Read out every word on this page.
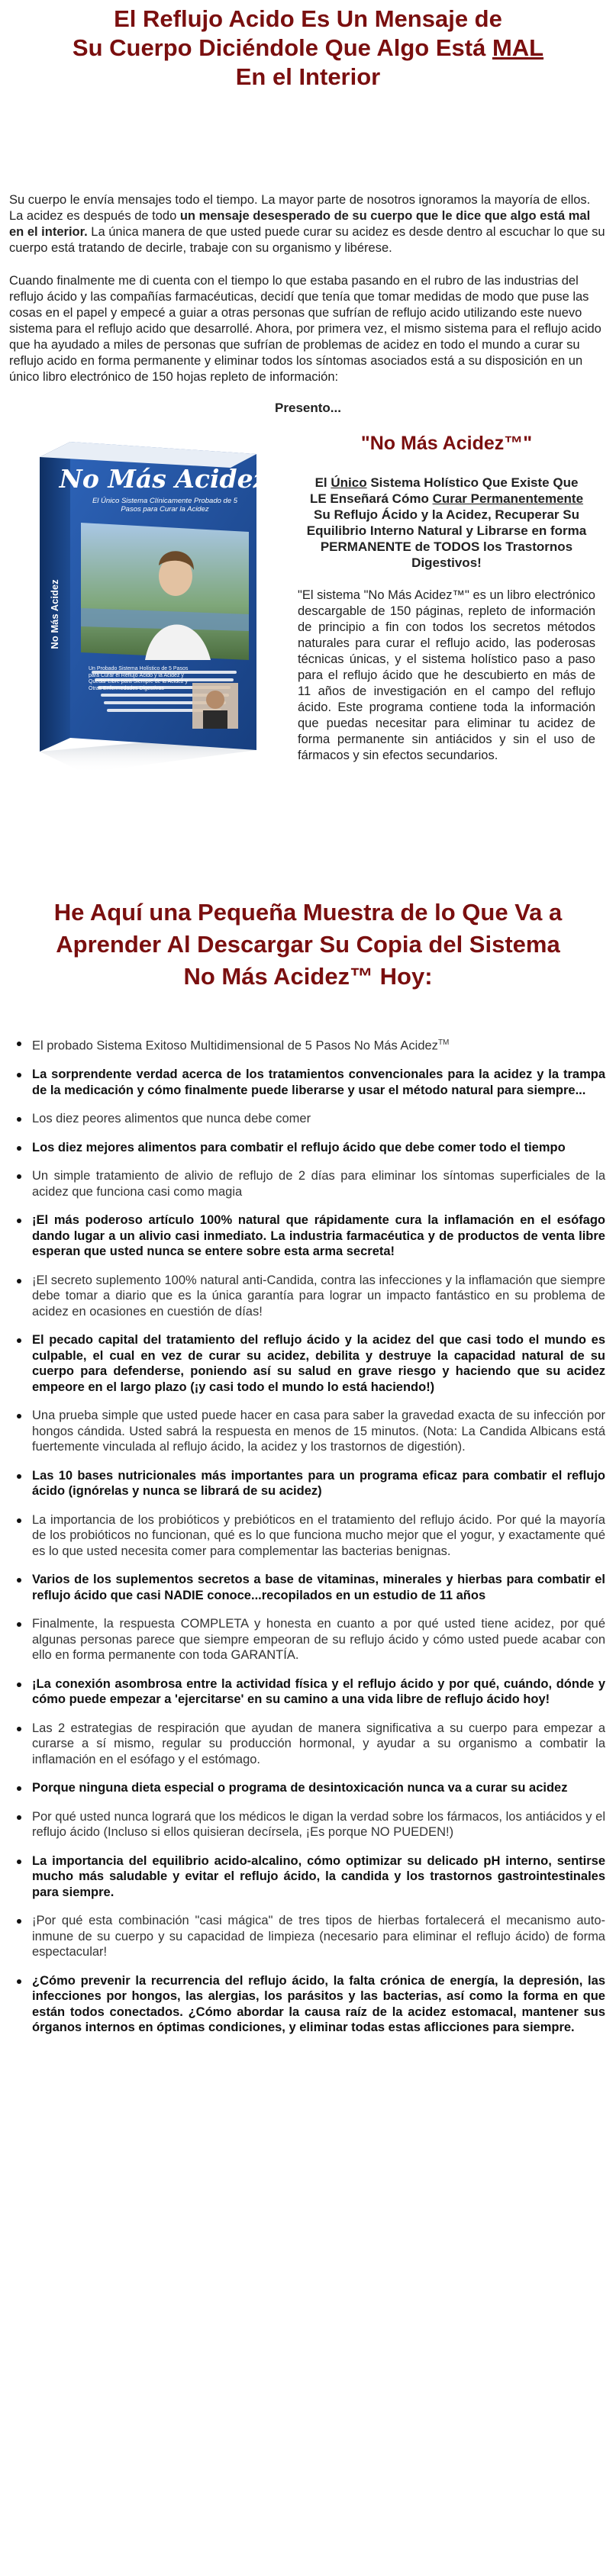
El Reflujo Acido Es Un Mensaje de
Su Cuerpo Diciéndole Que Algo Está MAL
En el Interior

Su cuerpo le envía mensajes todo el tiempo. La mayor parte de nosotros ignoramos la mayoría de ellos. La acidez es después de todo un mensaje desesperado de su cuerpo que le dice que algo está mal en el interior. La única manera de que usted puede curar su acidez es desde dentro al escuchar lo que su cuerpo está tratando de decirle, trabaje con su organismo y libérese.

Cuando finalmente me di cuenta con el tiempo lo que estaba pasando en el rubro de las industrias del reflujo ácido y las compañías farmacéuticas, decidí que tenía que tomar medidas de modo que puse las cosas en el papel y empecé a guiar a otras personas que sufrían de reflujo acido utilizando este nuevo sistema para el reflujo acido que desarrollé. Ahora, por primera vez, el mismo sistema para el reflujo acido que ha ayudado a miles de personas que sufrían de problemas de acidez en todo el mundo a curar su reflujo acido en forma permanente y eliminar todos los síntomas asociados está a su disposición en un único libro electrónico de 150 hojas repleto de información:

Presento...
No Más Acidez
No Más Acidez
El Único Sistema Clínicamente Probado de 5 Pasos para Curar la Acidez
Un Probado Sistema Holístico de 5 Pasos para Curar el Reflujo Ácido y la Acidez y Quedar Libre para Siempre de la Acidez y Otras Enfermedades Digestivas
"No Más Acidez™"
El Único Sistema Holístico Que Existe Que LE Enseñará Cómo Curar Permanentemente Su Reflujo Ácido y la Acidez, Recuperar Su Equilibrio Interno Natural y Librarse en forma PERMANENTE de TODOS los Trastornos Digestivos!

"El sistema "No Más Acidez™" es un libro electrónico descargable de 150 páginas, repleto de información de principio a fin con todos los secretos métodos naturales para curar el reflujo acido, las poderosas técnicas únicas, y el sistema holístico paso a paso para el reflujo ácido que he descubierto en más de 11 años de investigación en el campo del reflujo ácido. Este programa contiene toda la información que puedas necesitar para eliminar tu acidez de forma permanente sin antiácidos y sin el uso de fármacos y sin efectos secundarios.

He Aquí una Pequeña Muestra de lo Que Va a Aprender Al Descargar Su Copia del Sistema No Más Acidez™ Hoy:
El probado Sistema Exitoso Multidimensional de 5 Pasos No Más Acidez™
La sorprendente verdad acerca de los tratamientos convencionales para la acidez y la trampa de la medicación y cómo finalmente puede liberarse y usar el método natural para siempre...
Los diez peores alimentos que nunca debe comer
Los diez mejores alimentos para combatir el reflujo ácido que debe comer todo el tiempo
Un simple tratamiento de alivio de reflujo de 2 días para eliminar los síntomas superficiales de la acidez que funciona casi como magia
¡El más poderoso artículo 100% natural que rápidamente cura la inflamación en el esófago dando lugar a un alivio casi inmediato. La industria farmacéutica y de productos de venta libre esperan que usted nunca se entere sobre esta arma secreta!
¡El secreto suplemento 100% natural anti-Candida, contra las infecciones y la inflamación que siempre debe tomar a diario que es la única garantía para lograr un impacto fantástico en su problema de acidez en ocasiones en cuestión de días!
El pecado capital del tratamiento del reflujo ácido y la acidez del que casi todo el mundo es culpable, el cual en vez de curar su acidez, debilita y destruye la capacidad natural de su cuerpo para defenderse, poniendo así su salud en grave riesgo y haciendo que su acidez empeore en el largo plazo (¡y casi todo el mundo lo está haciendo!)
Una prueba simple que usted puede hacer en casa para saber la gravedad exacta de su infección por hongos cándida. Usted sabrá la respuesta en menos de 15 minutos. (Nota: La Candida Albicans está fuertemente vinculada al reflujo ácido, la acidez y los trastornos de digestión).
Las 10 bases nutricionales más importantes para un programa eficaz para combatir el reflujo ácido (ignórelas y nunca se librará de su acidez)
La importancia de los probióticos y prebióticos en el tratamiento del reflujo ácido. Por qué la mayoría de los probióticos no funcionan, qué es lo que funciona mucho mejor que el yogur, y exactamente qué es lo que usted necesita comer para complementar las bacterias benignas.
Varios de los suplementos secretos a base de vitaminas, minerales y hierbas para combatir el reflujo ácido que casi NADIE conoce...recopilados en un estudio de 11 años
Finalmente, la respuesta COMPLETA y honesta en cuanto a por qué usted tiene acidez, por qué algunas personas parece que siempre empeoran de su reflujo ácido y cómo usted puede acabar con ello en forma permanente con toda GARANTÍA.
¡La conexión asombrosa entre la actividad física y el reflujo ácido y por qué, cuándo, dónde y cómo puede empezar a 'ejercitarse' en su camino a una vida libre de reflujo ácido hoy!
Las 2 estrategias de respiración que ayudan de manera significativa a su cuerpo para empezar a curarse a sí mismo, regular su producción hormonal, y ayudar a su organismo a combatir la inflamación en el esófago y el estómago.
Porque ninguna dieta especial o programa de desintoxicación nunca va a curar su acidez
Por qué usted nunca logrará que los médicos le digan la verdad sobre los fármacos, los antiácidos y el reflujo ácido (Incluso si ellos quisieran decírsela, ¡Es porque NO PUEDEN!)
La importancia del equilibrio acido-alcalino, cómo optimizar su delicado pH interno, sentirse mucho más saludable y evitar el reflujo ácido, la candida y los trastornos gastrointestinales para siempre.
¡Por qué esta combinación "casi mágica" de tres tipos de hierbas fortalecerá el mecanismo auto-inmune de su cuerpo y su capacidad de limpieza (necesario para eliminar el reflujo ácido) de forma espectacular!
¿Cómo prevenir la recurrencia del reflujo ácido, la falta crónica de energía, la depresión, las infecciones por hongos, las alergias, los parásitos y las bacterias, así como la forma en que están todos conectados. ¿Cómo abordar la causa raíz de la acidez estomacal, mantener sus órganos internos en óptimas condiciones, y eliminar todas estas aflicciones para siempre.
